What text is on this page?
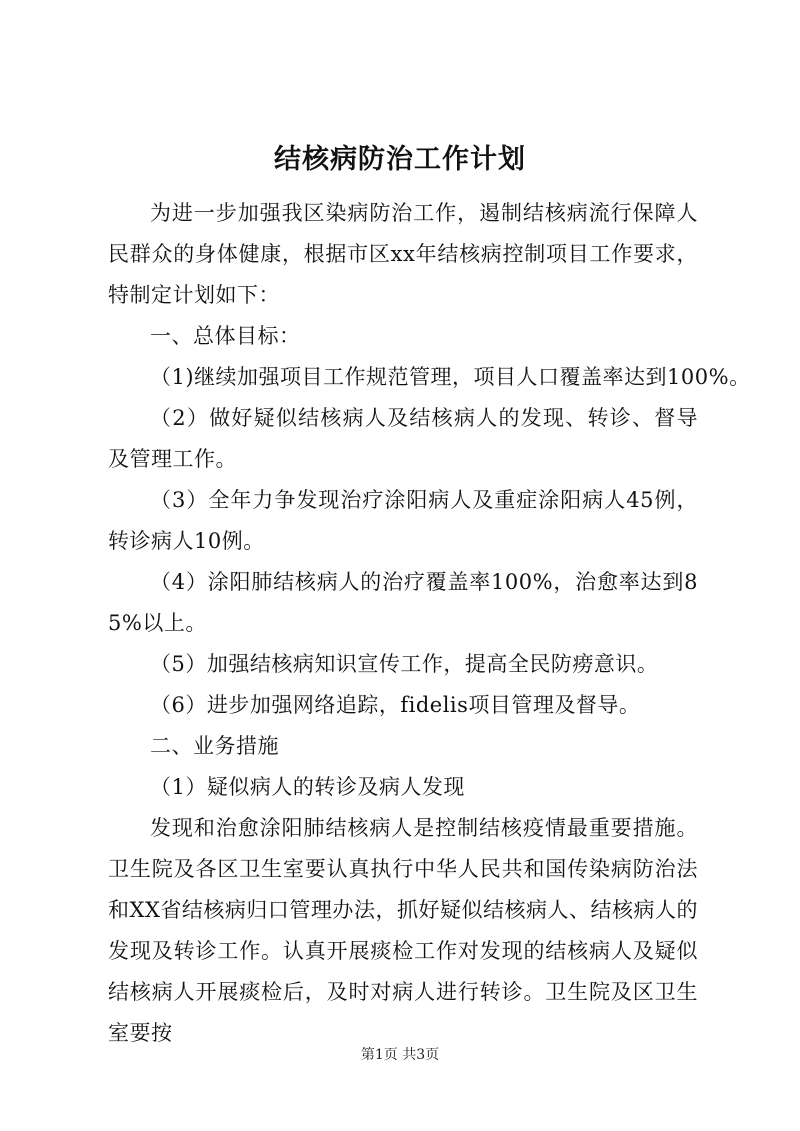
结核病防治工作计划

为进一步加强我区染病防治工作，遏制结核病流行保障人民群众的身体健康，根据市区xx年结核病控制项目工作要求，特制定计划如下：

一、总体目标：

（1)继续加强项目工作规范管理，项目人口覆盖率达到100%。

（2）做好疑似结核病人及结核病人的发现、转诊、督导及管理工作。

（3）全年力争发现治疗涂阳病人及重症涂阳病人45例，转诊病人10例。

（4）涂阳肺结核病人的治疗覆盖率100%，治愈率达到85%以上。

（5）加强结核病知识宣传工作，提高全民防痨意识。

（6）进步加强网络追踪，fidelis项目管理及督导。

二、业务措施

（1）疑似病人的转诊及病人发现

发现和治愈涂阳肺结核病人是控制结核疫情最重要措施。卫生院及各区卫生室要认真执行中华人民共和国传染病防治法和XX省结核病归口管理办法，抓好疑似结核病人、结核病人的发现及转诊工作。认真开展痰检工作对发现的结核病人及疑似结核病人开展痰检后，及时对病人进行转诊。卫生院及区卫生室要按

第1页 共3页
